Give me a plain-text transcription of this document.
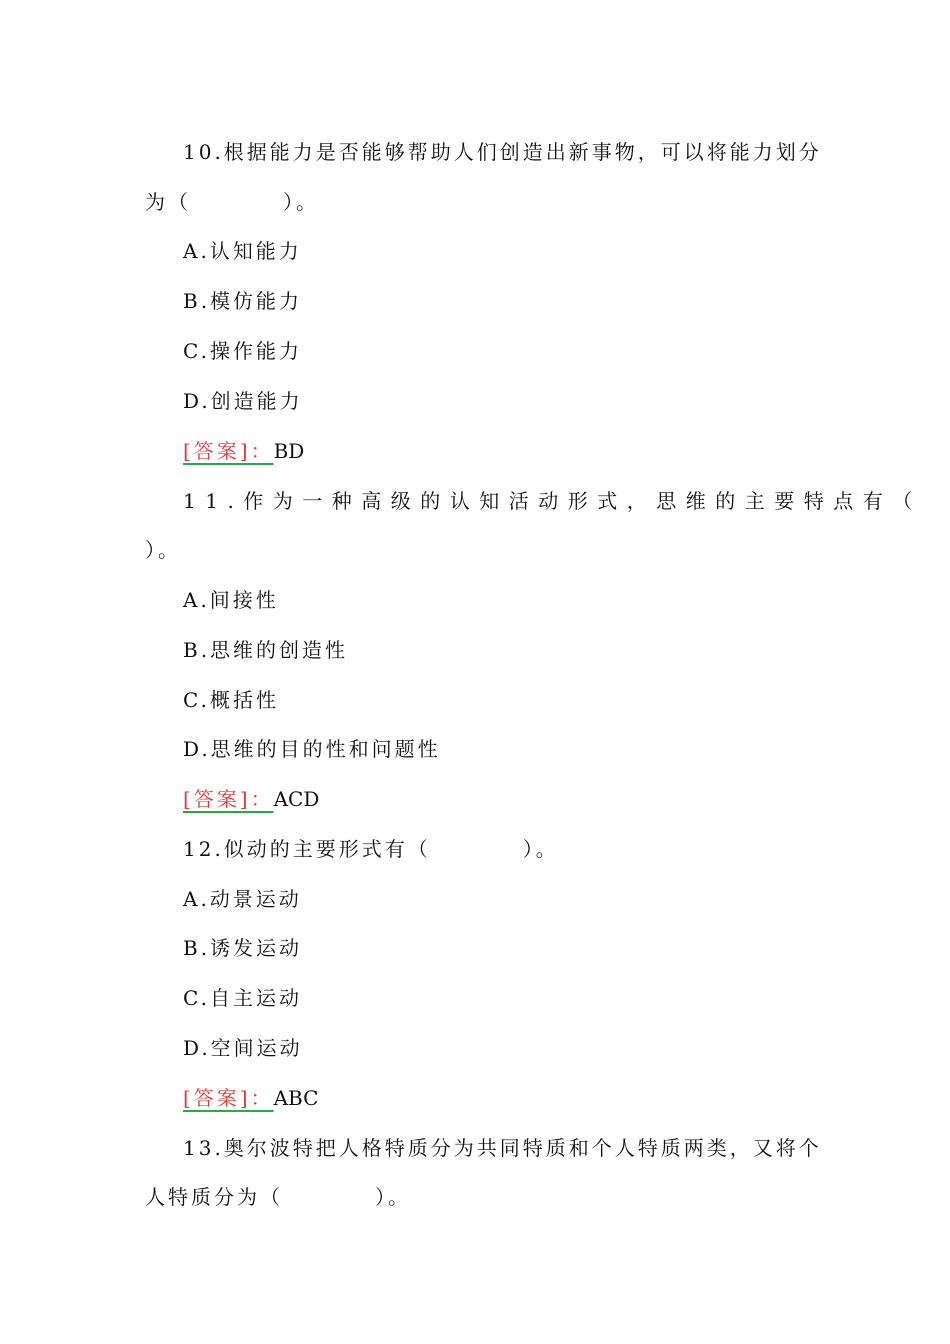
10.根据能力是否能够帮助人们创造出新事物，可以将能力划分
为（　　　　）。
A.认知能力
B.模仿能力
C.操作能力
D.创造能力
[答案]：BD
11.作为一种高级的认知活动形式，思维的主要特点有（
）。
A.间接性
B.思维的创造性
C.概括性
D.思维的目的性和问题性
[答案]：ACD
12.似动的主要形式有（　　　　）。
A.动景运动
B.诱发运动
C.自主运动
D.空间运动
[答案]：ABC
13.奥尔波特把人格特质分为共同特质和个人特质两类，又将个
人特质分为（　　　　）。
